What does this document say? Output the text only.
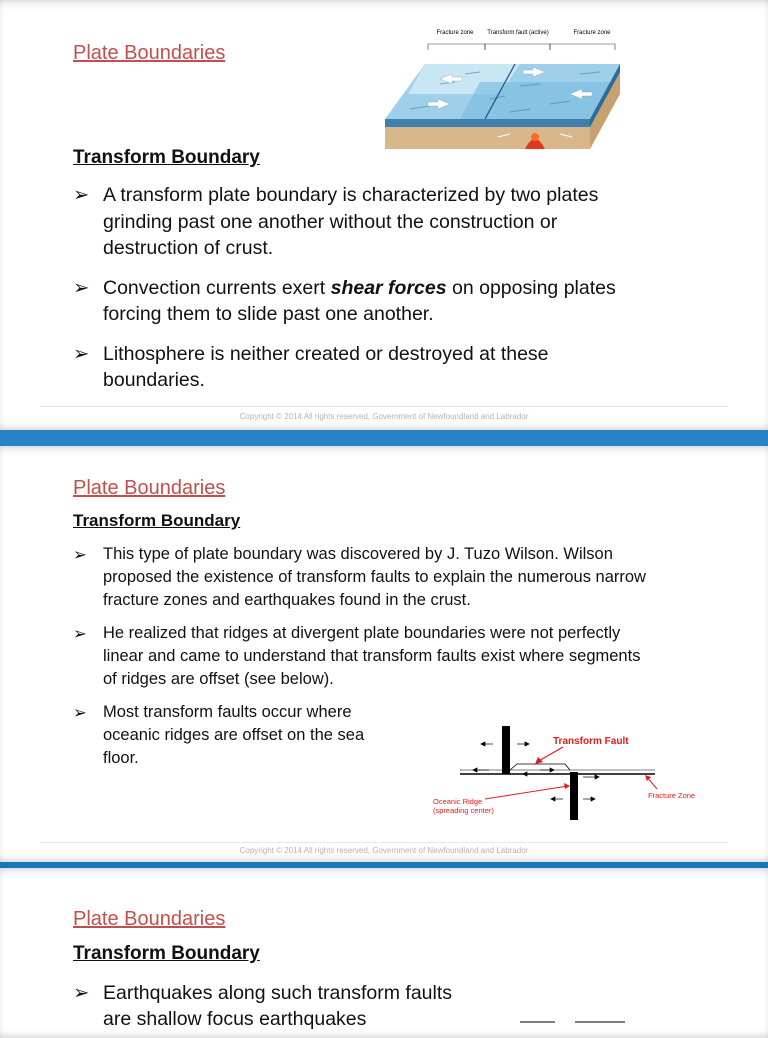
Plate Boundaries
Fracture zone Transform fault (active)	Fracture zone
Transform Boundary
➢ A transform plate boundary is characterized by two plates grinding past one another without the construction or destruction of crust.
➢ Convection currents exert shear forces on opposing plates forcing them to slide past one another.
➢ Lithosphere is neither created or destroyed at these boundaries.
Copyright © 2014 All rights reserved, Government of Newfoundland and Labrador
Plate Boundaries
Transform Boundary
➢ This type of plate boundary was discovered by J. Tuzo Wilson. Wilson proposed the existence of transform faults to explain the numerous narrow fracture zones and earthquakes found in the crust.
➢ He realized that ridges at divergent plate boundaries were not perfectly linear and came to understand that transform faults exist where segments of ridges are offset (see below).
➢ Most transform faults occur where oceanic ridges are offset on the sea floor.
Transform Fault
Fracture Zone
Oceanic Ridge
(spreading center)
Copyright © 2014 All rights reserved, Government of Newfoundland and Labrador
Plate Boundaries
Transform Boundary
➢ Earthquakes along such transform faults are shallow focus earthquakes
